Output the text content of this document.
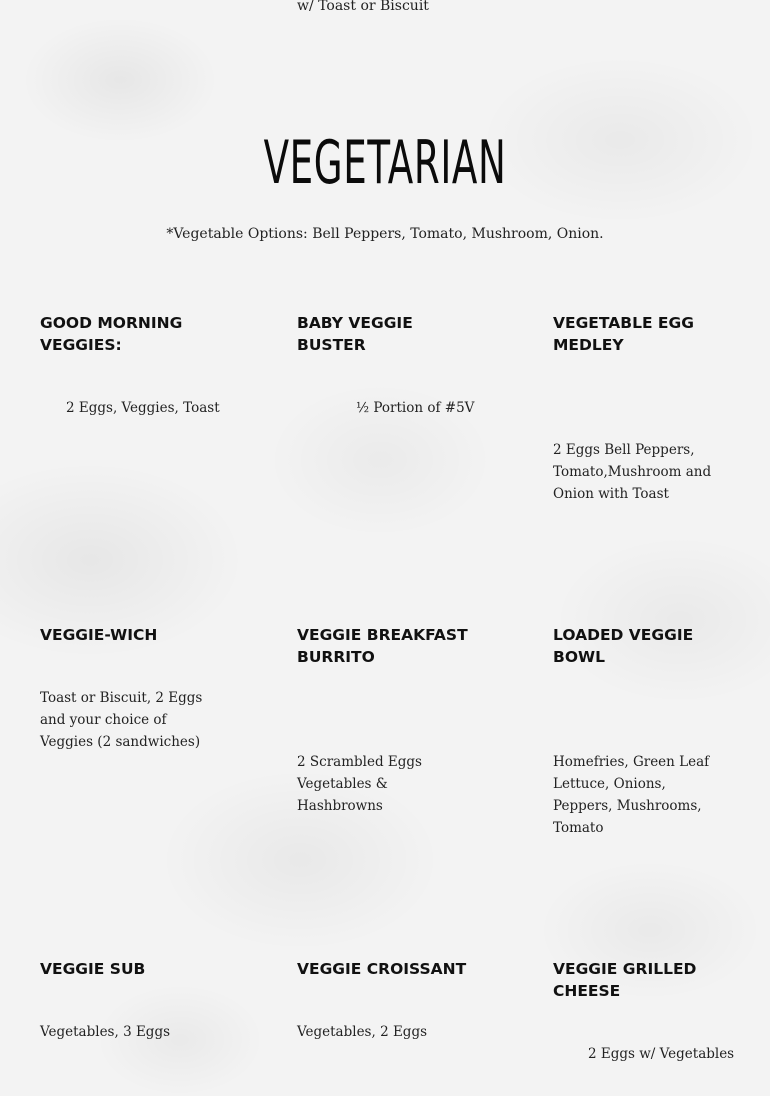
w/ Toast or Biscuit

VEGETARIAN

*Vegetable Options: Bell Peppers, Tomato, Mushroom, Onion.

GOOD MORNING VEGGIES:

2 Eggs, Veggies, Toast

BABY VEGGIE BUSTER

½ Portion of #5V

VEGETABLE EGG MEDLEY

2 Eggs Bell Peppers, Tomato,Mushroom and Onion with Toast

VEGGIE-WICH

Toast or Biscuit, 2 Eggs and your choice of Veggies (2 sandwiches)

VEGGIE BREAKFAST BURRITO

2 Scrambled Eggs Vegetables & Hashbrowns

LOADED VEGGIE BOWL

Homefries, Green Leaf Lettuce, Onions, Peppers, Mushrooms, Tomato

VEGGIE SUB

Vegetables, 3 Eggs

VEGGIE CROISSANT

Vegetables, 2 Eggs

VEGGIE GRILLED CHEESE

2 Eggs w/ Vegetables
